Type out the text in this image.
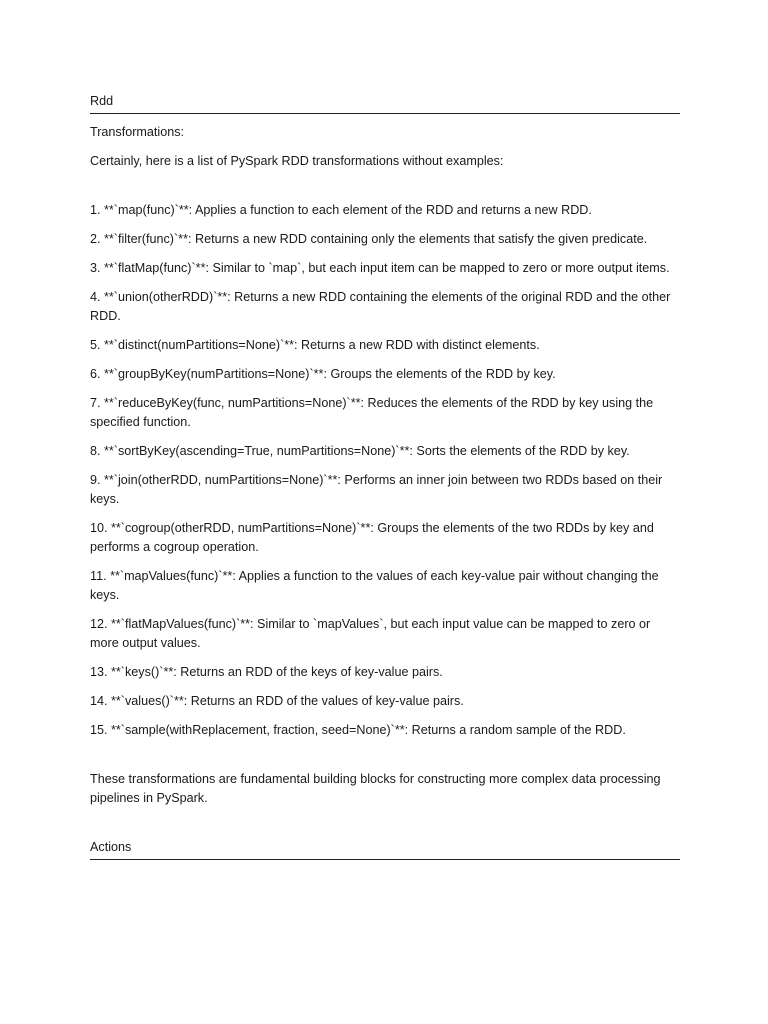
Rdd

Transformations:

Certainly, here is a list of PySpark RDD transformations without examples:

1. **`map(func)`**: Applies a function to each element of the RDD and returns a new RDD.
2. **`filter(func)`**: Returns a new RDD containing only the elements that satisfy the given predicate.
3. **`flatMap(func)`**: Similar to `map`, but each input item can be mapped to zero or more output items.
4. **`union(otherRDD)`**: Returns a new RDD containing the elements of the original RDD and the other RDD.
5. **`distinct(numPartitions=None)`**: Returns a new RDD with distinct elements.
6. **`groupByKey(numPartitions=None)`**: Groups the elements of the RDD by key.
7. **`reduceByKey(func, numPartitions=None)`**: Reduces the elements of the RDD by key using the specified function.
8. **`sortByKey(ascending=True, numPartitions=None)`**: Sorts the elements of the RDD by key.
9. **`join(otherRDD, numPartitions=None)`**: Performs an inner join between two RDDs based on their keys.
10. **`cogroup(otherRDD, numPartitions=None)`**: Groups the elements of the two RDDs by key and performs a cogroup operation.
11. **`mapValues(func)`**: Applies a function to the values of each key-value pair without changing the keys.
12. **`flatMapValues(func)`**: Similar to `mapValues`, but each input value can be mapped to zero or more output values.
13. **`keys()`**: Returns an RDD of the keys of key-value pairs.
14. **`values()`**: Returns an RDD of the values of key-value pairs.
15. **`sample(withReplacement, fraction, seed=None)`**: Returns a random sample of the RDD.

These transformations are fundamental building blocks for constructing more complex data processing pipelines in PySpark.

Actions
